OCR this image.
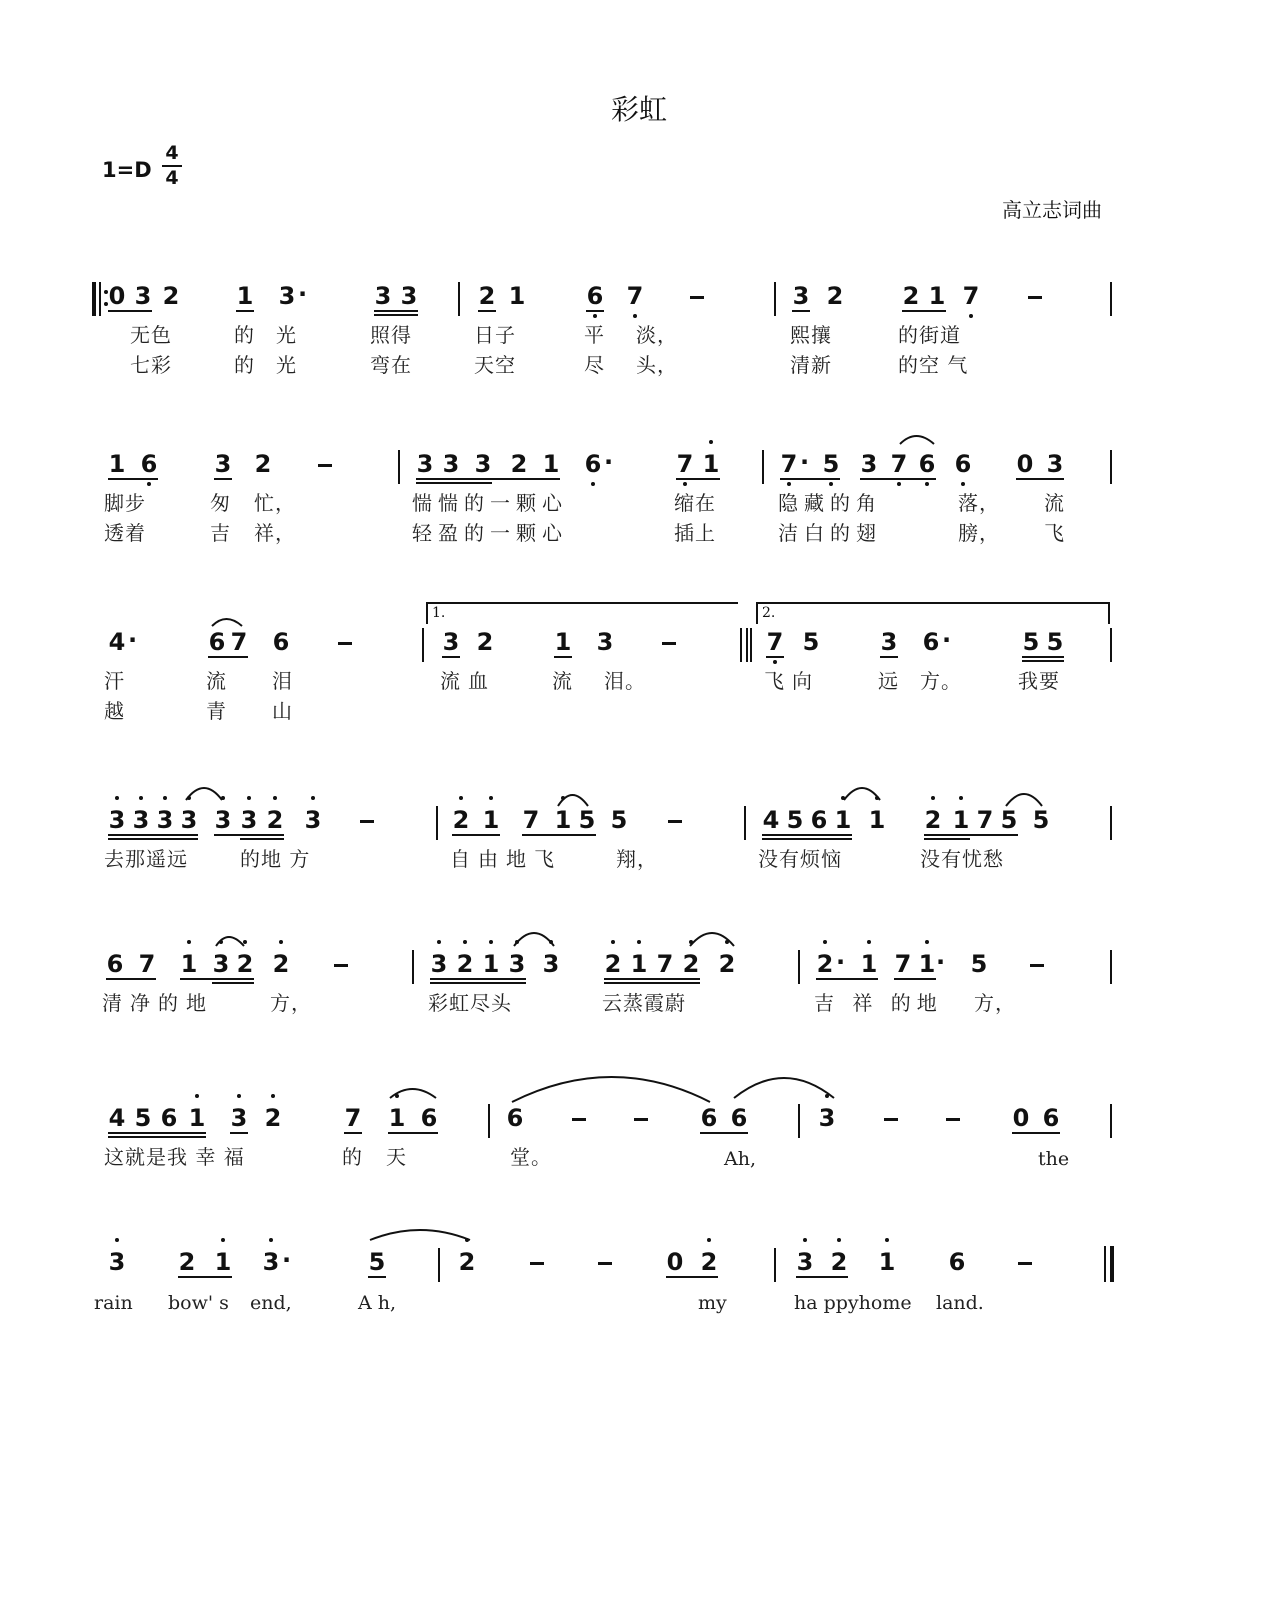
彩虹
1=D
4
4
高立志词曲
0 3 2 1 3 ·	3 3	2 1	6 7	3 2 2 1 7
无色	的 光	照得	日子	平 淡，	熙攘	的街道
七彩	的 光	弯在	天空	尽 头，	清新	的空 气
1 6 3 2	3 3 3 2 1 6 ·	7 1	7 · 5 3 7 6 6 0 3
脚步	匆 忙，	惴惴的一颗心	缩在	隐藏的角	落， 流
透着	吉 祥，	轻盈的一颗心	插上	洁白的翅	膀， 飞
1.	2.
4 ·	6 7 6	3 2	1 3	7 5	3 6 ·	5 5
汗	流 泪	流血	流 泪。	飞向	远 方。	我要
越	青 山
3 3 3 3 3 3 2 3	2 1 7 1 5 5	4 5 6 1 1 2 1 7 5 5
去那遥远	的地 方	自由地飞	翔，	没有烦恼	没有忧愁
6 7 1 3 2 2	3 2 1 3 3 2 1 7 2 2	2 · 1 7 1 · 5
清净的地	方，	彩虹尽头	云蒸霞蔚	吉 祥 的地 方，
4 5 6 1 3 2	7 1 6	6	6 6	3	0 6
这就是我 幸 福	的 天	堂。	Ah,	the
3 2 1 3 ·	5	2	0 2	3 2 1 6
rain bow' s end,	A h,	my	ha ppyhome land.
